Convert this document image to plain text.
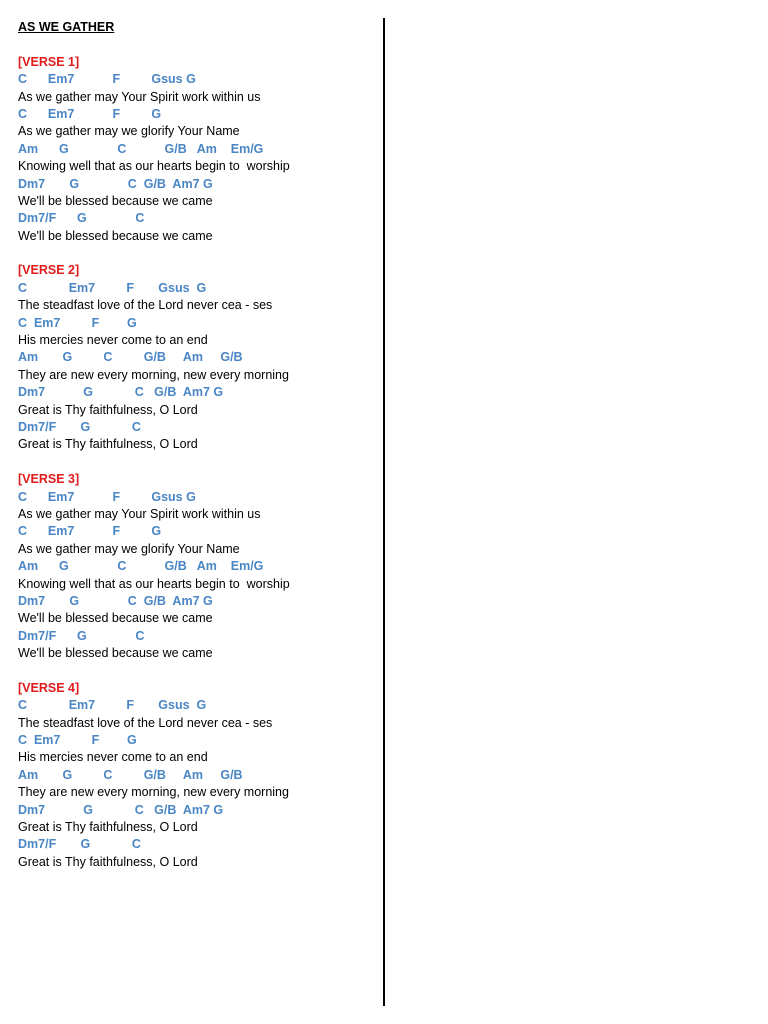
AS WE GATHER
[VERSE 1]
C      Em7           F         Gsus G
As we gather may Your Spirit work within us
C      Em7           F         G
As we gather may we glorify Your Name
Am      G              C           G/B   Am    Em/G
Knowing well that as our hearts begin to  worship
Dm7       G              C  G/B  Am7 G
We'll be blessed because we came
Dm7/F      G              C
We'll be blessed because we came
[VERSE 2]
C            Em7         F       Gsus  G
The steadfast love of the Lord never cea - ses
C  Em7         F        G
His mercies never come to an end
Am       G         C         G/B     Am     G/B
They are new every morning, new every morning
Dm7           G            C   G/B  Am7 G
Great is Thy faithfulness, O Lord
Dm7/F       G            C
Great is Thy faithfulness, O Lord
[VERSE 3]
C      Em7           F         Gsus G
As we gather may Your Spirit work within us
C      Em7           F         G
As we gather may we glorify Your Name
Am      G              C           G/B   Am    Em/G
Knowing well that as our hearts begin to  worship
Dm7       G              C  G/B  Am7 G
We'll be blessed because we came
Dm7/F      G              C
We'll be blessed because we came
[VERSE 4]
C            Em7         F       Gsus  G
The steadfast love of the Lord never cea - ses
C  Em7         F        G
His mercies never come to an end
Am       G         C         G/B     Am     G/B
They are new every morning, new every morning
Dm7           G            C   G/B  Am7 G
Great is Thy faithfulness, O Lord
Dm7/F       G            C
Great is Thy faithfulness, O Lord
